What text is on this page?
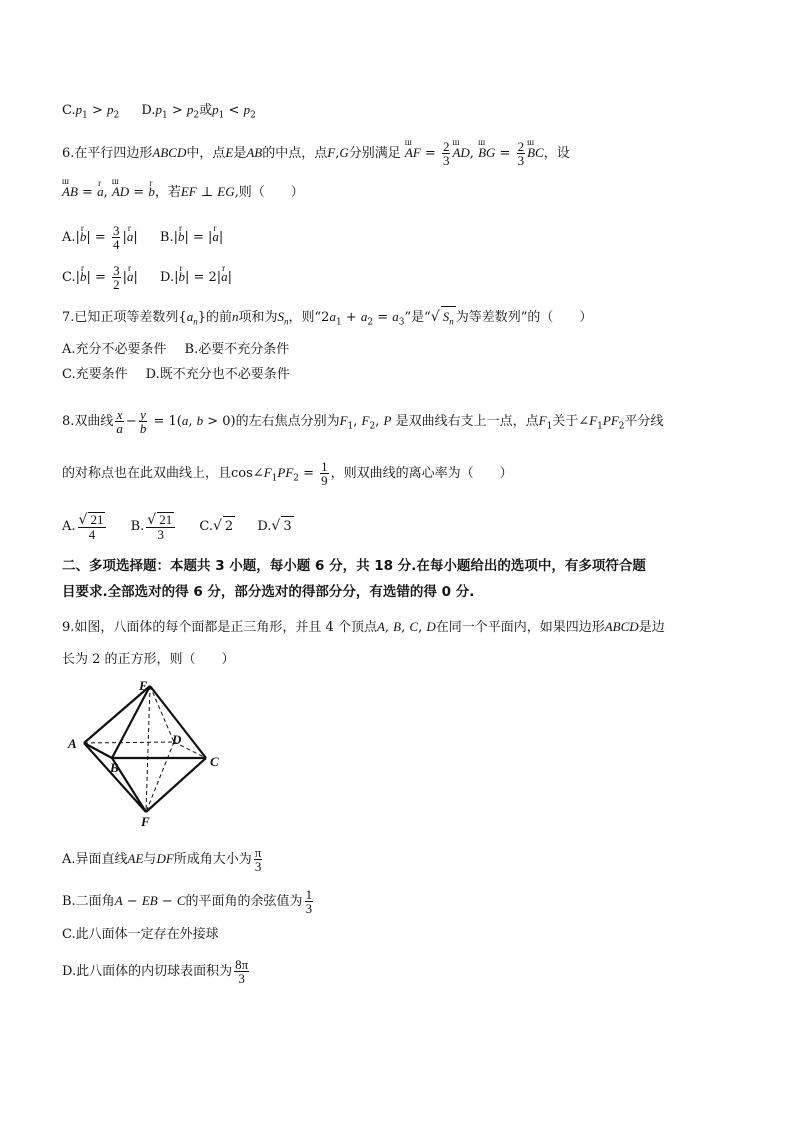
$C.p_1 > p_2$ $D.p_1 > p_2$或$p_1 < p_2$
6.在平行四边形ABCD中，点E是AB的中点，点F,G分别满足 ш AF = $\frac{2}{3}$ ш AD, ш BG = $\frac{2}{3}$ ш BC，设
ш AB = r a, ш AD = r b，若EF ⊥ EG,则（　　）
A.|r $b| = \frac{3}{4} |r$ a| B.|r b| = |r a|
C.|r $b| = \frac{3}{2} |r$ a| D.|r b| = 2|r a|
7.已知正项等差数列$\{a_n\}$的前n项和为$S_n$，则“$2a_1 + a_2 = a_3$”是“√ $S_n$ 为等差数列”的（　　）
A.充分不必要条件 B.必要不充分条件
C.充要条件 D.既不充分也不必要条件
8.双曲线 $\frac{x}{a} - \frac{y}{b} = 1(a$, b > 0)的左右焦点分别为$F_1$, $F_2$, P 是双曲线右支上一点，点$F_1$关于$\angle F_1PF_2$平分线
的对称点也在此双曲线上，且$\cos\angle F_1PF_2 = \frac{1}{9}$ ，则双曲线的离心率为（　　）
A. $\frac{√ 21}{4} B$. $\frac{√ 21}{3} C.√$ 2 D.√ 3
二、多项选择题：本题共 3 小题，每小题 6 分，共 18 分.在每小题给出的选项中，有多项符合题
目要求.全部选对的得 6 分，部分选对的得部分分，有选错的得 0 分.
9.如图，八面体的每个面都是正三角形，并且 4 个顶点A, B, C, D在同一个平面内，如果四边形ABCD是边
长为 2 的正方形，则（　　）
E
A	D
B	C
F
A.异面直线AE与DF所成角大小为 $\frac{\pi}{3}$
B.二面角A − EB − C的平面角的余弦值为 $\frac{1}{3}$
C.此八面体一定存在外接球
D.此八面体的内切球表面积为 $\frac{8\pi}{3}$
